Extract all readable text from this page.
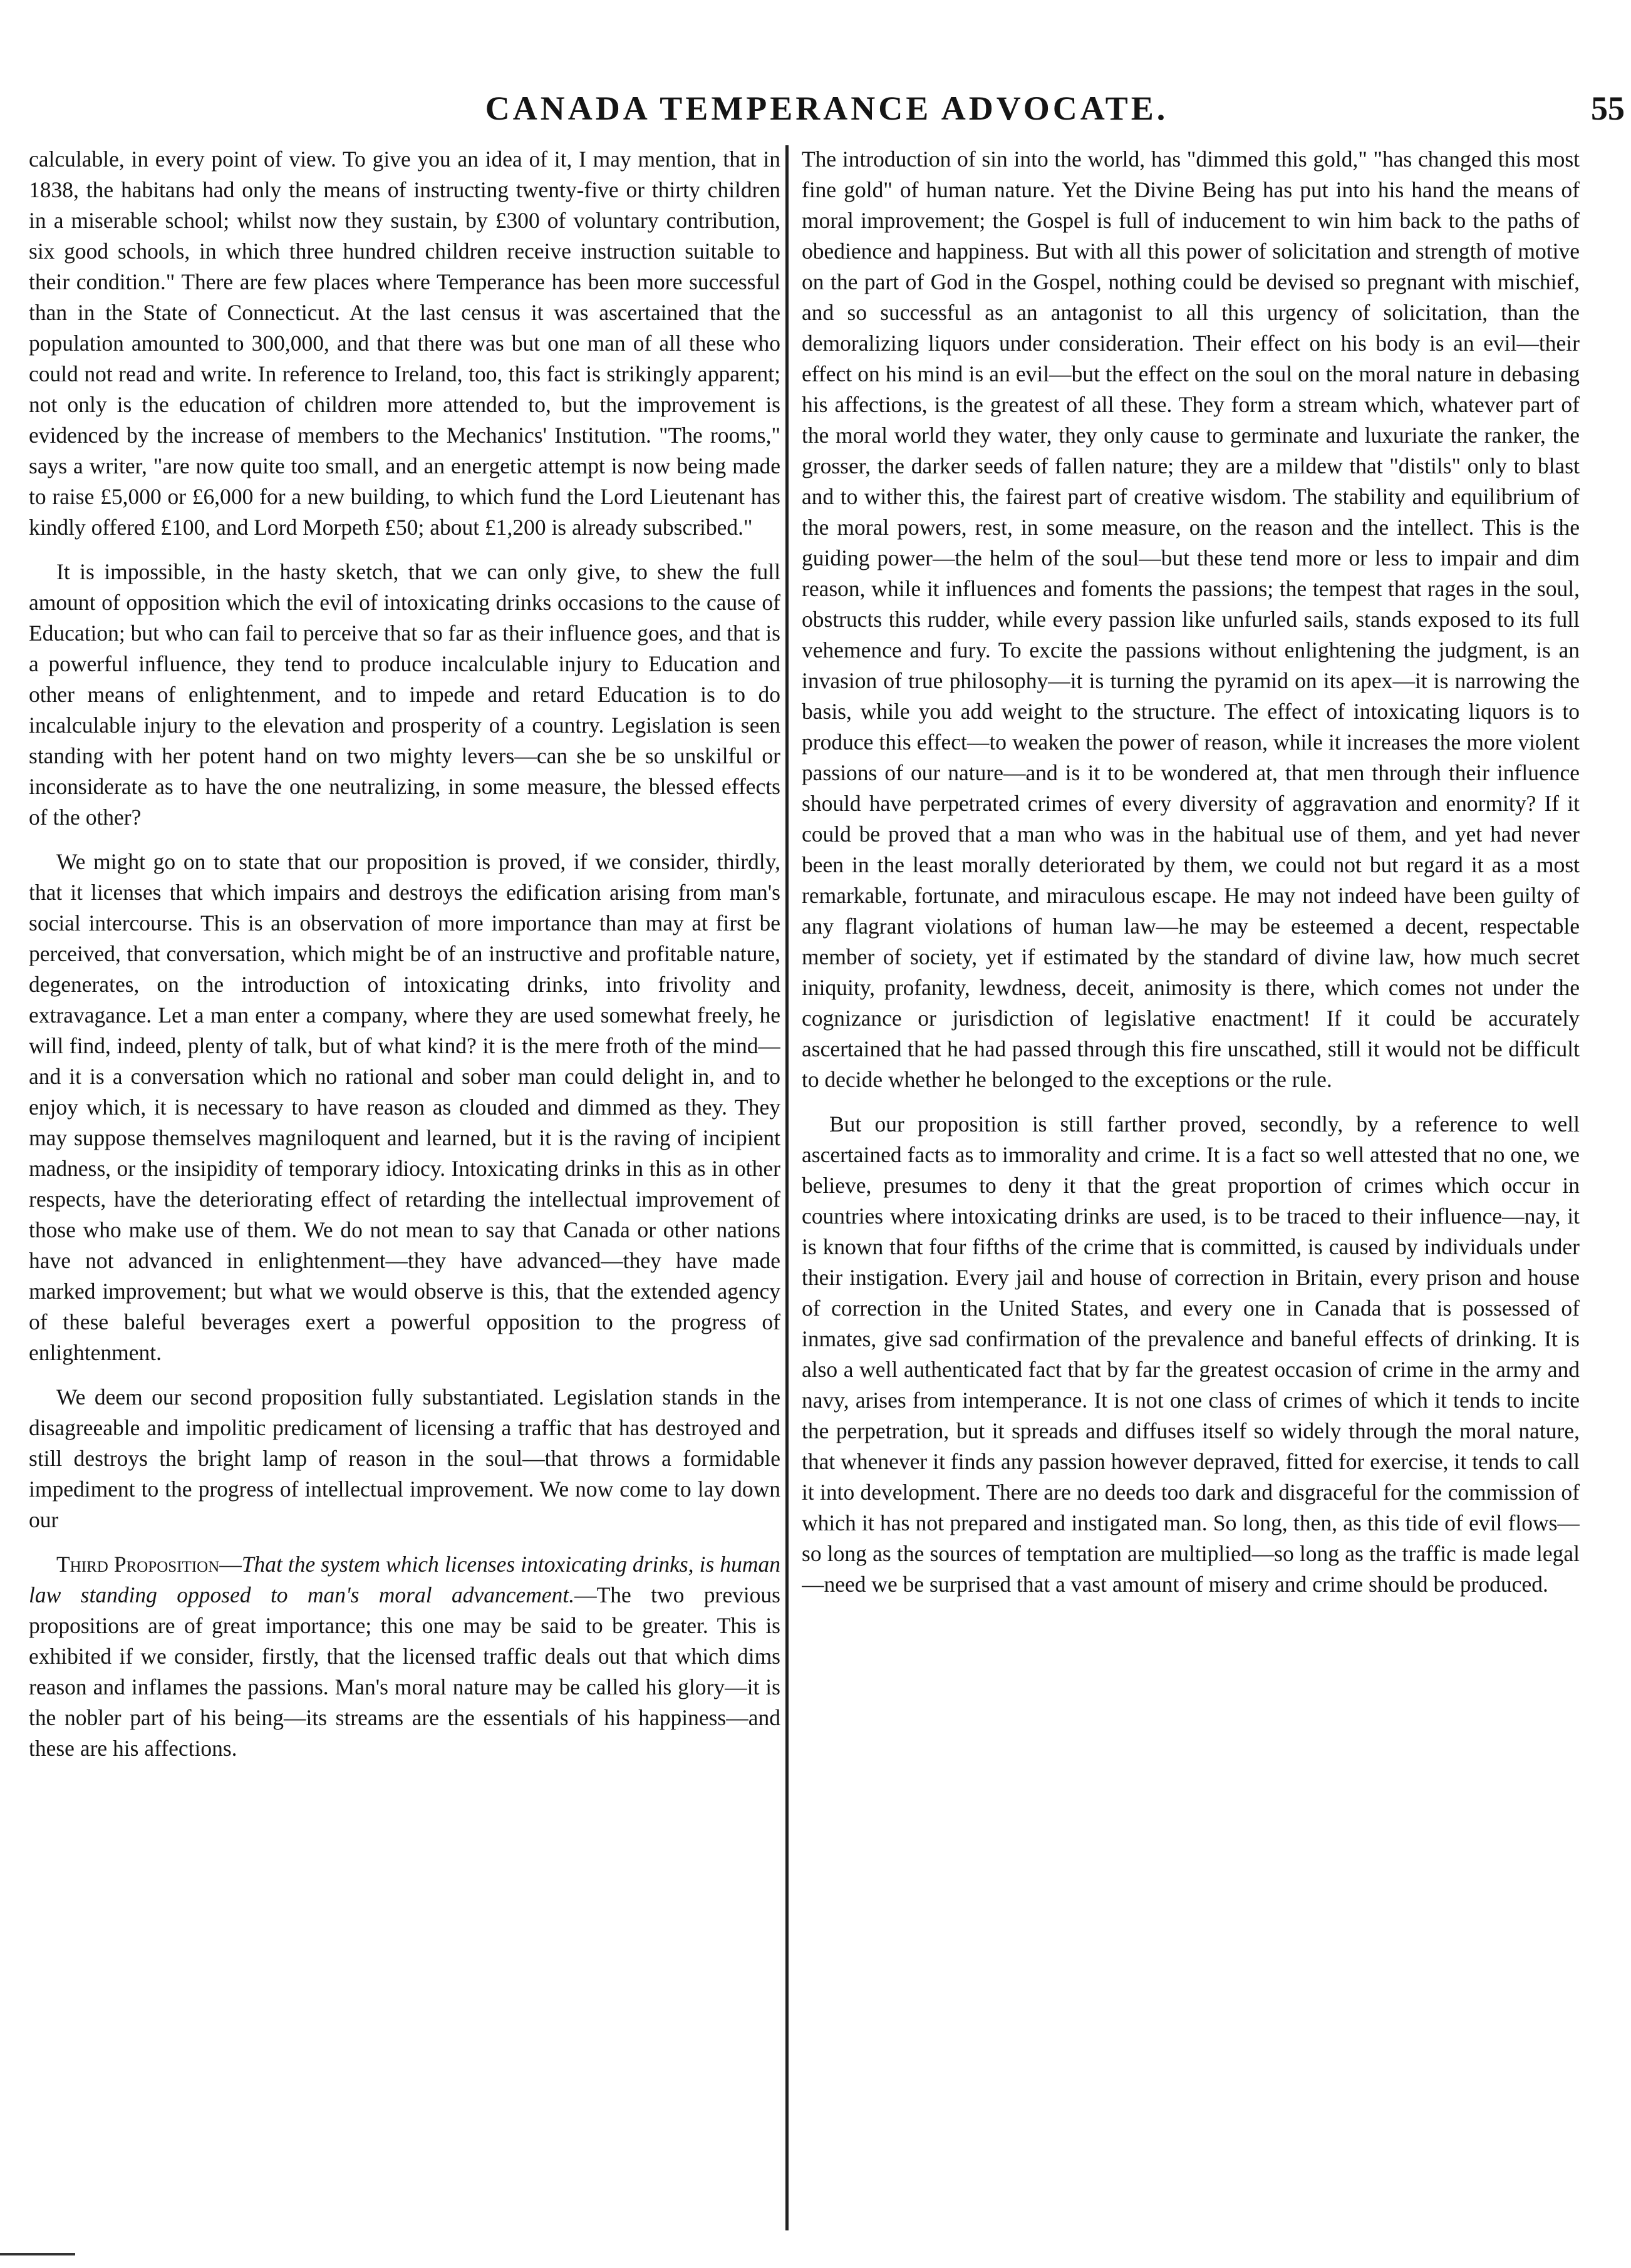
CANADA TEMPERANCE ADVOCATE.	55

calculable, in every point of view. To give you an idea of it, I may mention, that in 1838, the habitans had only the means of instructing twenty-five or thirty children in a miserable school; whilst now they sustain, by £300 of voluntary contribution, six good schools, in which three hundred children receive instruction suitable to their condition." There are few places where Temperance has been more successful than in the State of Connecticut. At the last census it was ascertained that the population amounted to 300,000, and that there was but one man of all these who could not read and write. In reference to Ireland, too, this fact is strikingly apparent; not only is the education of children more attended to, but the improvement is evidenced by the increase of members to the Mechanics' Institution. "The rooms," says a writer, "are now quite too small, and an energetic attempt is now being made to raise £5,000 or £6,000 for a new building, to which fund the Lord Lieutenant has kindly offered £100, and Lord Morpeth £50; about £1,200 is already subscribed."

It is impossible, in the hasty sketch, that we can only give, to shew the full amount of opposition which the evil of intoxicating drinks occasions to the cause of Education; but who can fail to perceive that so far as their influence goes, and that is a powerful influence, they tend to produce incalculable injury to Education and other means of enlightenment, and to impede and retard Education is to do incalculable injury to the elevation and prosperity of a country. Legislation is seen standing with her potent hand on two mighty levers—can she be so unskilful or inconsiderate as to have the one neutralizing, in some measure, the blessed effects of the other?

We might go on to state that our proposition is proved, if we consider, thirdly, that it licenses that which impairs and destroys the edification arising from man's social intercourse. This is an observation of more importance than may at first be perceived, that conversation, which might be of an instructive and profitable nature, degenerates, on the introduction of intoxicating drinks, into frivolity and extravagance. Let a man enter a company, where they are used somewhat freely, he will find, indeed, plenty of talk, but of what kind? it is the mere froth of the mind—and it is a conversation which no rational and sober man could delight in, and to enjoy which, it is necessary to have reason as clouded and dimmed as they. They may suppose themselves magniloquent and learned, but it is the raving of incipient madness, or the insipidity of temporary idiocy. Intoxicating drinks in this as in other respects, have the deteriorating effect of retarding the intellectual improvement of those who make use of them. We do not mean to say that Canada or other nations have not advanced in enlightenment—they have advanced—they have made marked improvement; but what we would observe is this, that the extended agency of these baleful beverages exert a powerful opposition to the progress of enlightenment.

We deem our second proposition fully substantiated. Legislation stands in the disagreeable and impolitic predicament of licensing a traffic that has destroyed and still destroys the bright lamp of reason in the soul—that throws a formidable impediment to the progress of intellectual improvement. We now come to lay down our

Third Proposition—That the system which licenses intoxicating drinks, is human law standing opposed to man's moral advancement.—The two previous propositions are of great importance; this one may be said to be greater. This is exhibited if we consider, firstly, that the licensed traffic deals out that which dims reason and inflames the passions. Man's moral nature may be called his glory—it is the nobler part of his being—its streams are the essentials of his happiness—and these are his affections.

The introduction of sin into the world, has "dimmed this gold," "has changed this most fine gold" of human nature. Yet the Divine Being has put into his hand the means of moral improvement; the Gospel is full of inducement to win him back to the paths of obedience and happiness. But with all this power of solicitation and strength of motive on the part of God in the Gospel, nothing could be devised so pregnant with mischief, and so successful as an antagonist to all this urgency of solicitation, than the demoralizing liquors under consideration. Their effect on his body is an evil—their effect on his mind is an evil—but the effect on the soul on the moral nature in debasing his affections, is the greatest of all these. They form a stream which, whatever part of the moral world they water, they only cause to germinate and luxuriate the ranker, the grosser, the darker seeds of fallen nature; they are a mildew that "distils" only to blast and to wither this, the fairest part of creative wisdom. The stability and equilibrium of the moral powers, rest, in some measure, on the reason and the intellect. This is the guiding power—the helm of the soul—but these tend more or less to impair and dim reason, while it influences and foments the passions; the tempest that rages in the soul, obstructs this rudder, while every passion like unfurled sails, stands exposed to its full vehemence and fury. To excite the passions without enlightening the judgment, is an invasion of true philosophy—it is turning the pyramid on its apex—it is narrowing the basis, while you add weight to the structure. The effect of intoxicating liquors is to produce this effect—to weaken the power of reason, while it increases the more violent passions of our nature—and is it to be wondered at, that men through their influence should have perpetrated crimes of every diversity of aggravation and enormity? If it could be proved that a man who was in the habitual use of them, and yet had never been in the least morally deteriorated by them, we could not but regard it as a most remarkable, fortunate, and miraculous escape. He may not indeed have been guilty of any flagrant violations of human law—he may be esteemed a decent, respectable member of society, yet if estimated by the standard of divine law, how much secret iniquity, profanity, lewdness, deceit, animosity is there, which comes not under the cognizance or jurisdiction of legislative enactment! If it could be accurately ascertained that he had passed through this fire unscathed, still it would not be difficult to decide whether he belonged to the exceptions or the rule.

But our proposition is still farther proved, secondly, by a reference to well ascertained facts as to immorality and crime. It is a fact so well attested that no one, we believe, presumes to deny it that the great proportion of crimes which occur in countries where intoxicating drinks are used, is to be traced to their influence—nay, it is known that four fifths of the crime that is committed, is caused by individuals under their instigation. Every jail and house of correction in Britain, every prison and house of correction in the United States, and every one in Canada that is possessed of inmates, give sad confirmation of the prevalence and baneful effects of drinking. It is also a well authenticated fact that by far the greatest occasion of crime in the army and navy, arises from intemperance. It is not one class of crimes of which it tends to incite the perpetration, but it spreads and diffuses itself so widely through the moral nature, that whenever it finds any passion however depraved, fitted for exercise, it tends to call it into development. There are no deeds too dark and disgraceful for the commission of which it has not prepared and instigated man. So long, then, as this tide of evil flows—so long as the sources of temptation are multiplied—so long as the traffic is made legal—need we be surprised that a vast amount of misery and crime should be produced.
